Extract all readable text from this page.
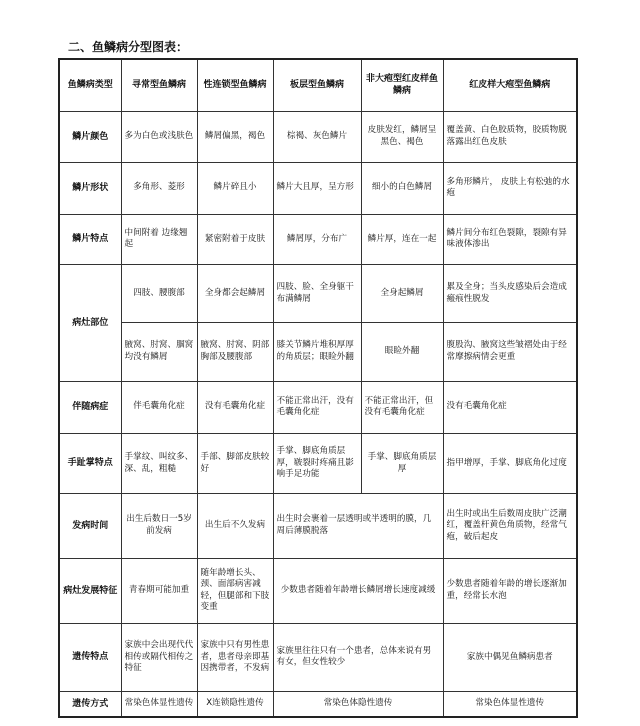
二、鱼鳞病分型图表：
鱼鳞病类型	寻常型鱼鳞病	性连锁型鱼鳞病	板层型鱼鳞病	非大疱型红皮样鱼鳞病	红皮样大疱型鱼鳞病
鳞片颜色	多为白色或浅肤色	鳞屑偏黑，褐色	棕褐、灰色鳞片	皮肤发红，鳞屑呈黑色、褐色	覆盖黄、白色胶质物，胶质物脱落露出红色皮肤
鳞片形状	多角形、菱形	鳞片碎且小	鳞片大且厚，呈方形	细小的白色鳞屑	多角形鳞片， 皮肤上有松弛的水疱
鳞片特点	中间附着 边缘翘起	紧密附着于皮肤	鳞屑厚，分布广	鳞片厚，连在一起	鳞片间分布红色裂隙，裂隙有异味液体渗出
病灶部位	四肢、腰腹部	全身都会起鳞屑	四肢、脸、全身躯干布满鳞屑	全身起鳞屑	累及全身；当头皮感染后会造成瘢痕性脱发
	腋窝、肘窝、腘窝均没有鳞屑	腋窝、肘窝、阴部胸部及腰腹部	膝关节鳞片堆积厚厚的角质层；眼睑外翻	眼睑外翻	腹股沟、腋窝这些皱褶处由于经常摩擦病情会更重
伴随病症	伴毛囊角化症	没有毛囊角化症	不能正常出汗，没有毛囊角化症	不能正常出汗，但没有毛囊角化症	没有毛囊角化症
手趾掌特点	手掌纹、叫纹多、深、乱，粗糙	手部、脚部皮肤较好	手掌、脚底角质层厚，皲裂时疼痛且影响手足功能	手掌、脚底角质层厚	指甲增厚，手掌、脚底角化过度
发病时间	出生后数日一5岁前发病	出生后不久发病	出生时会裹着一层透明或半透明的膜，几周后薄膜脱落		出生时或出生后数周皮肤广泛潮红，覆盖杆黄色角质物，经常气疱，破后起皮
病灶发展特征	青春期可能加重	随年龄增长头、颈、面部病害减轻，但腿部和下肢变重	少数患者随着年龄增长鳞屑增长速度减缓		少数患者随着年龄的增长逐渐加重，经常长水泡
遗传特点	家族中会出现代代相传或隔代相传之特征	家族中只有男性患者，患者母亲即基因携带者，不发病	家族里往往只有一个患者，总体来说有男有女，但女性较少		家族中偶见鱼鳞病患者
遗传方式	常染色体显性遗传	X连锁隐性遗传	常染色体隐性遗传		常染色体显性遗传
